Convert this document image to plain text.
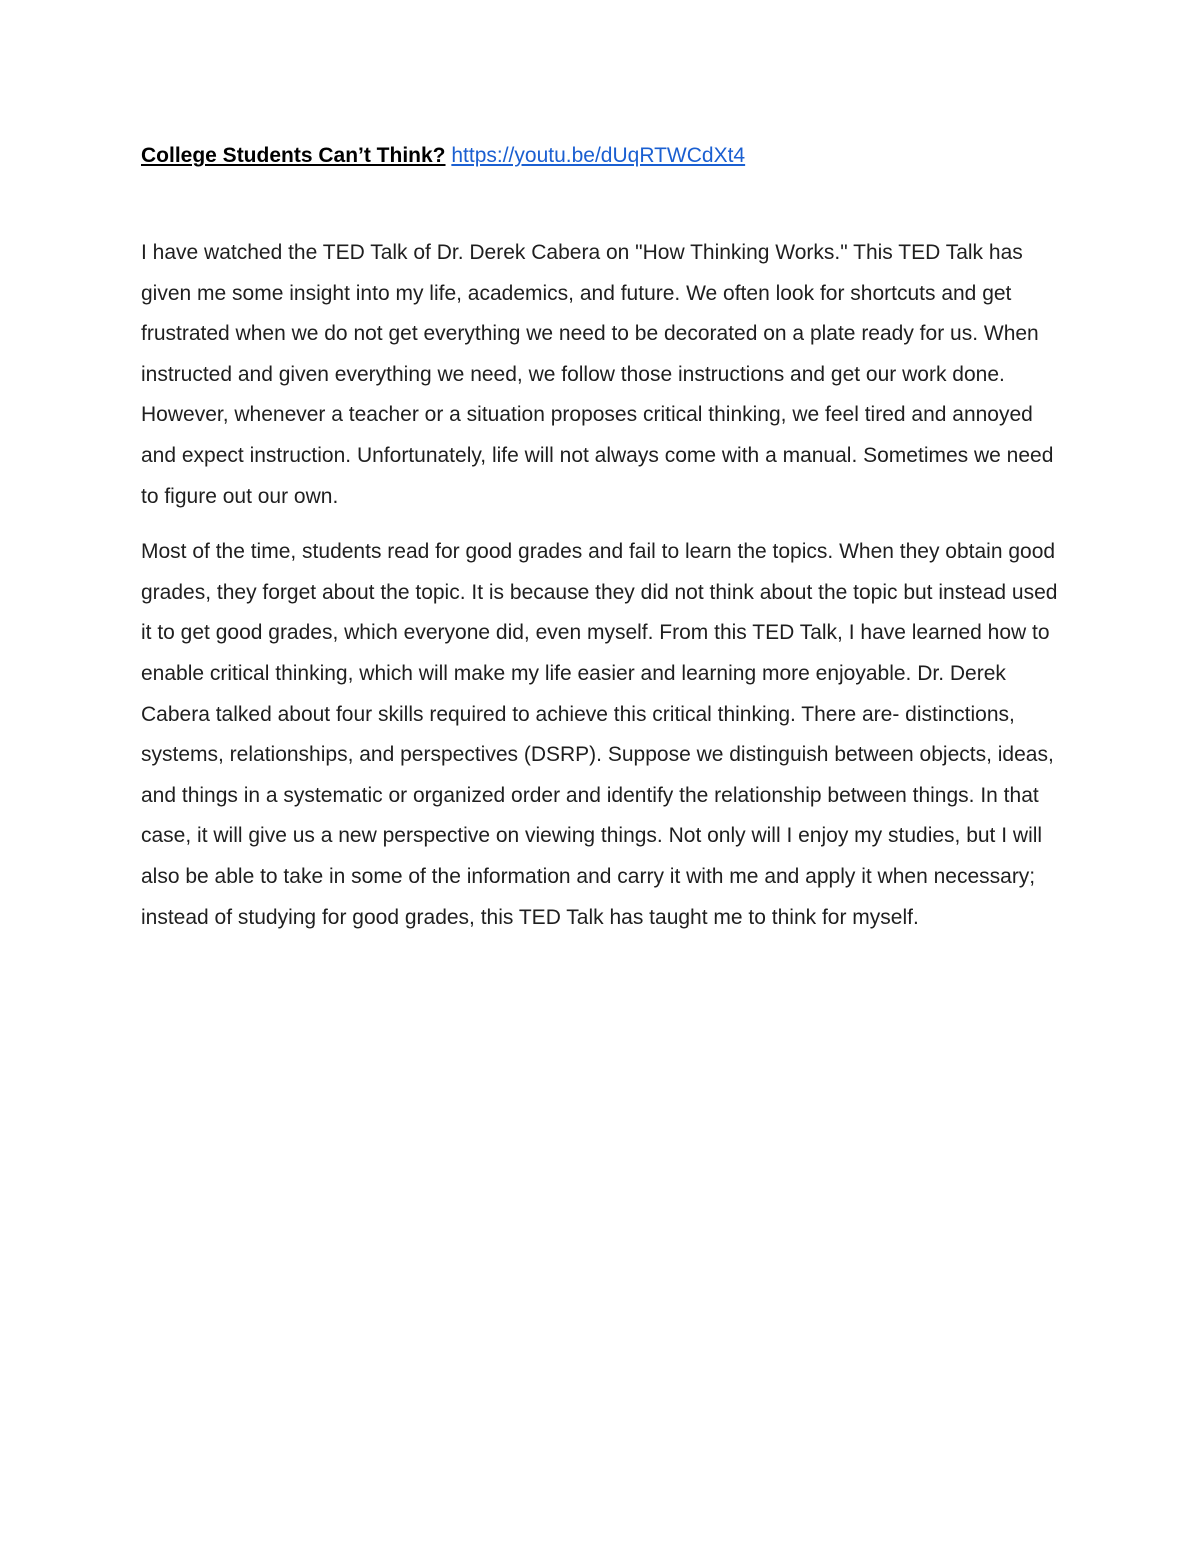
College Students Can’t Think? https://youtu.be/dUqRTWCdXt4

I have watched the TED Talk of Dr. Derek Cabera on "How Thinking Works." This TED Talk has given me some insight into my life, academics, and future. We often look for shortcuts and get frustrated when we do not get everything we need to be decorated on a plate ready for us. When instructed and given everything we need, we follow those instructions and get our work done. However, whenever a teacher or a situation proposes critical thinking, we feel tired and annoyed and expect instruction. Unfortunately, life will not always come with a manual. Sometimes we need to figure out our own.

Most of the time, students read for good grades and fail to learn the topics. When they obtain good grades, they forget about the topic. It is because they did not think about the topic but instead used it to get good grades, which everyone did, even myself. From this TED Talk, I have learned how to enable critical thinking, which will make my life easier and learning more enjoyable. Dr. Derek Cabera talked about four skills required to achieve this critical thinking. There are- distinctions, systems, relationships, and perspectives (DSRP). Suppose we distinguish between objects, ideas, and things in a systematic or organized order and identify the relationship between things. In that case, it will give us a new perspective on viewing things. Not only will I enjoy my studies, but I will also be able to take in some of the information and carry it with me and apply it when necessary; instead of studying for good grades, this TED Talk has taught me to think for myself.
